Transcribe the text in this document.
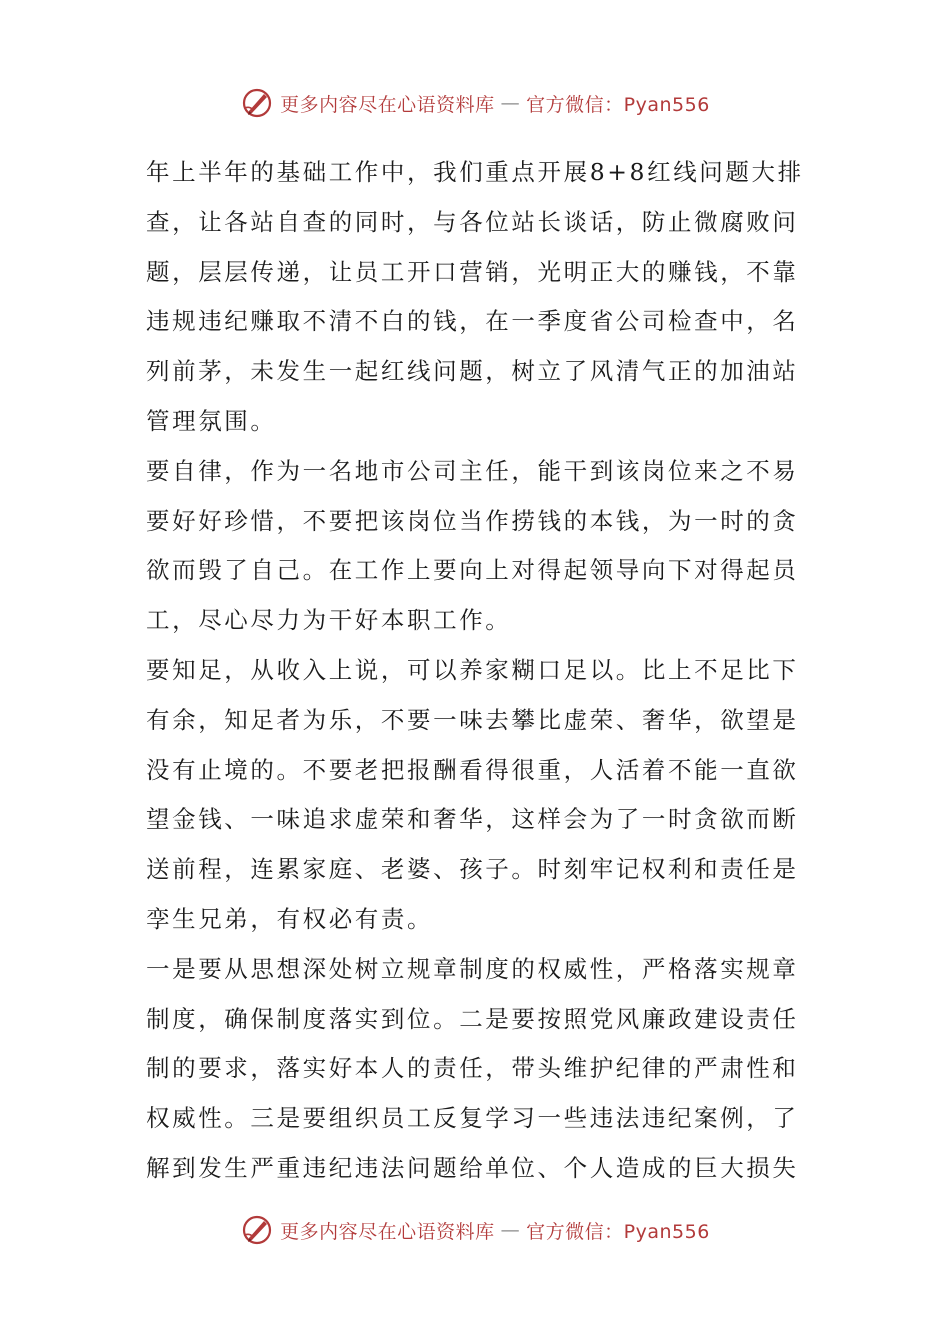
更多内容尽在心语资料库 — 官方微信：Pyan556

年上半年的基础工作中，我们重点开展8+8红线问题大排查，让各站自查的同时，与各位站长谈话，防止微腐败问题，层层传递，让员工开口营销，光明正大的赚钱，不靠违规违纪赚取不清不白的钱，在一季度省公司检查中，名列前茅，未发生一起红线问题，树立了风清气正的加油站管理氛围。

要自律，作为一名地市公司主任，能干到该岗位来之不易要好好珍惜，不要把该岗位当作捞钱的本钱，为一时的贪欲而毁了自己。在工作上要向上对得起领导向下对得起员工，尽心尽力为干好本职工作。

要知足，从收入上说，可以养家糊口足以。比上不足比下有余，知足者为乐，不要一味去攀比虚荣、奢华，欲望是没有止境的。不要老把报酬看得很重，人活着不能一直欲望金钱、一味追求虚荣和奢华，这样会为了一时贪欲而断送前程，连累家庭、老婆、孩子。时刻牢记权利和责任是孪生兄弟，有权必有责。

一是要从思想深处树立规章制度的权威性，严格落实规章制度，确保制度落实到位。二是要按照党风廉政建设责任制的要求，落实好本人的责任，带头维护纪律的严肃性和权威性。三是要组织员工反复学习一些违法违纪案例，了解到发生严重违纪违法问题给单位、个人造成的巨大损失

更多内容尽在心语资料库 — 官方微信：Pyan556
